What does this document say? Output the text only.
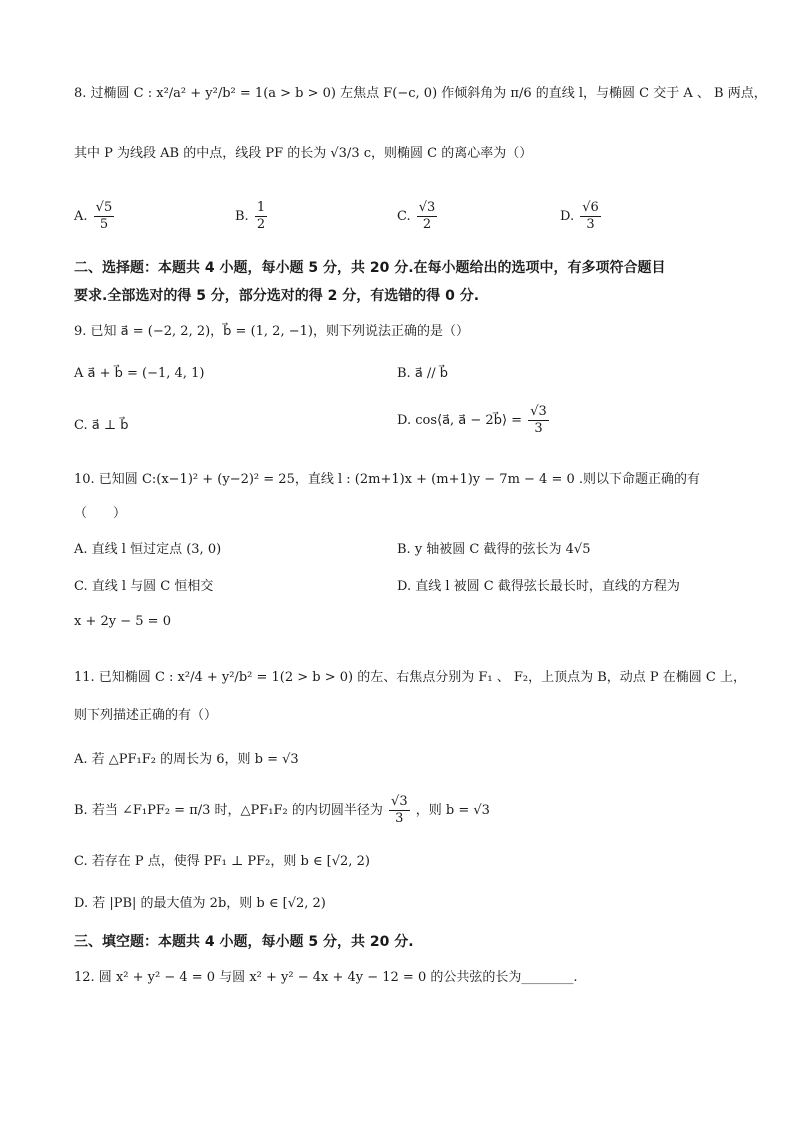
8. 过椭圆 C : x²/a² + y²/b² = 1(a > b > 0) 左焦点 F(−c, 0) 作倾斜角为 π/6 的直线 l，与椭圆 C 交于 A 、 B 两点，
其中 P 为线段 AB 的中点，线段 PF 的长为 √3/3 c，则椭圆 C 的离心率为（）
A. $\frac{√5}{5}$	B. $\frac{1}{2}$	C. $\frac{√3}{2}$	D. $\frac{√6}{3}$
二、选择题：本题共 4 小题，每小题 5 分，共 20 分.在每小题给出的选项中，有多项符合题目
要求.全部选对的得 5 分，部分选对的得 2 分，有选错的得 0 分.
9. 已知 a⃗ = (−2, 2, 2)，b⃗ = (1, 2, −1)，则下列说法正确的是（）
A a⃗ + b⃗ = (−1, 4, 1)	B. a⃗ // b⃗
C. a⃗ ⊥ b⃗	D. cos⟨a⃗, a⃗ − 2b⃗⟩ = $\frac{√3}{3}$
10. 已知圆 C:(x−1)² + (y−2)² = 25，直线 l : (2m+1)x + (m+1)y − 7m − 4 = 0 .则以下命题正确的有
（　　）
A. 直线 l 恒过定点 (3, 0)	B. y 轴被圆 C 截得的弦长为 4√5
C. 直线 l 与圆 C 恒相交	D. 直线 l 被圆 C 截得弦长最长时，直线的方程为
x + 2y − 5 = 0
11. 已知椭圆 C : x²/4 + y²/b² = 1(2 > b > 0) 的左、右焦点分别为 F₁ 、 F₂，上顶点为 B，动点 P 在椭圆 C 上，
则下列描述正确的有（）
A. 若 △PF₁F₂ 的周长为 6，则 b = √3
B. 若当 ∠F₁PF₂ = π/3 时，△PF₁F₂ 的内切圆半径为 $\frac{√3}{3}$ ，则 b = √3
C. 若存在 P 点，使得 PF₁ ⊥ PF₂，则 b ∈ [√2, 2)
D. 若 |PB| 的最大值为 2b，则 b ∈ [√2, 2)
三、填空题：本题共 4 小题，每小题 5 分，共 20 分.
12. 圆 x² + y² − 4 = 0 与圆 x² + y² − 4x + 4y − 12 = 0 的公共弦的长为________.
